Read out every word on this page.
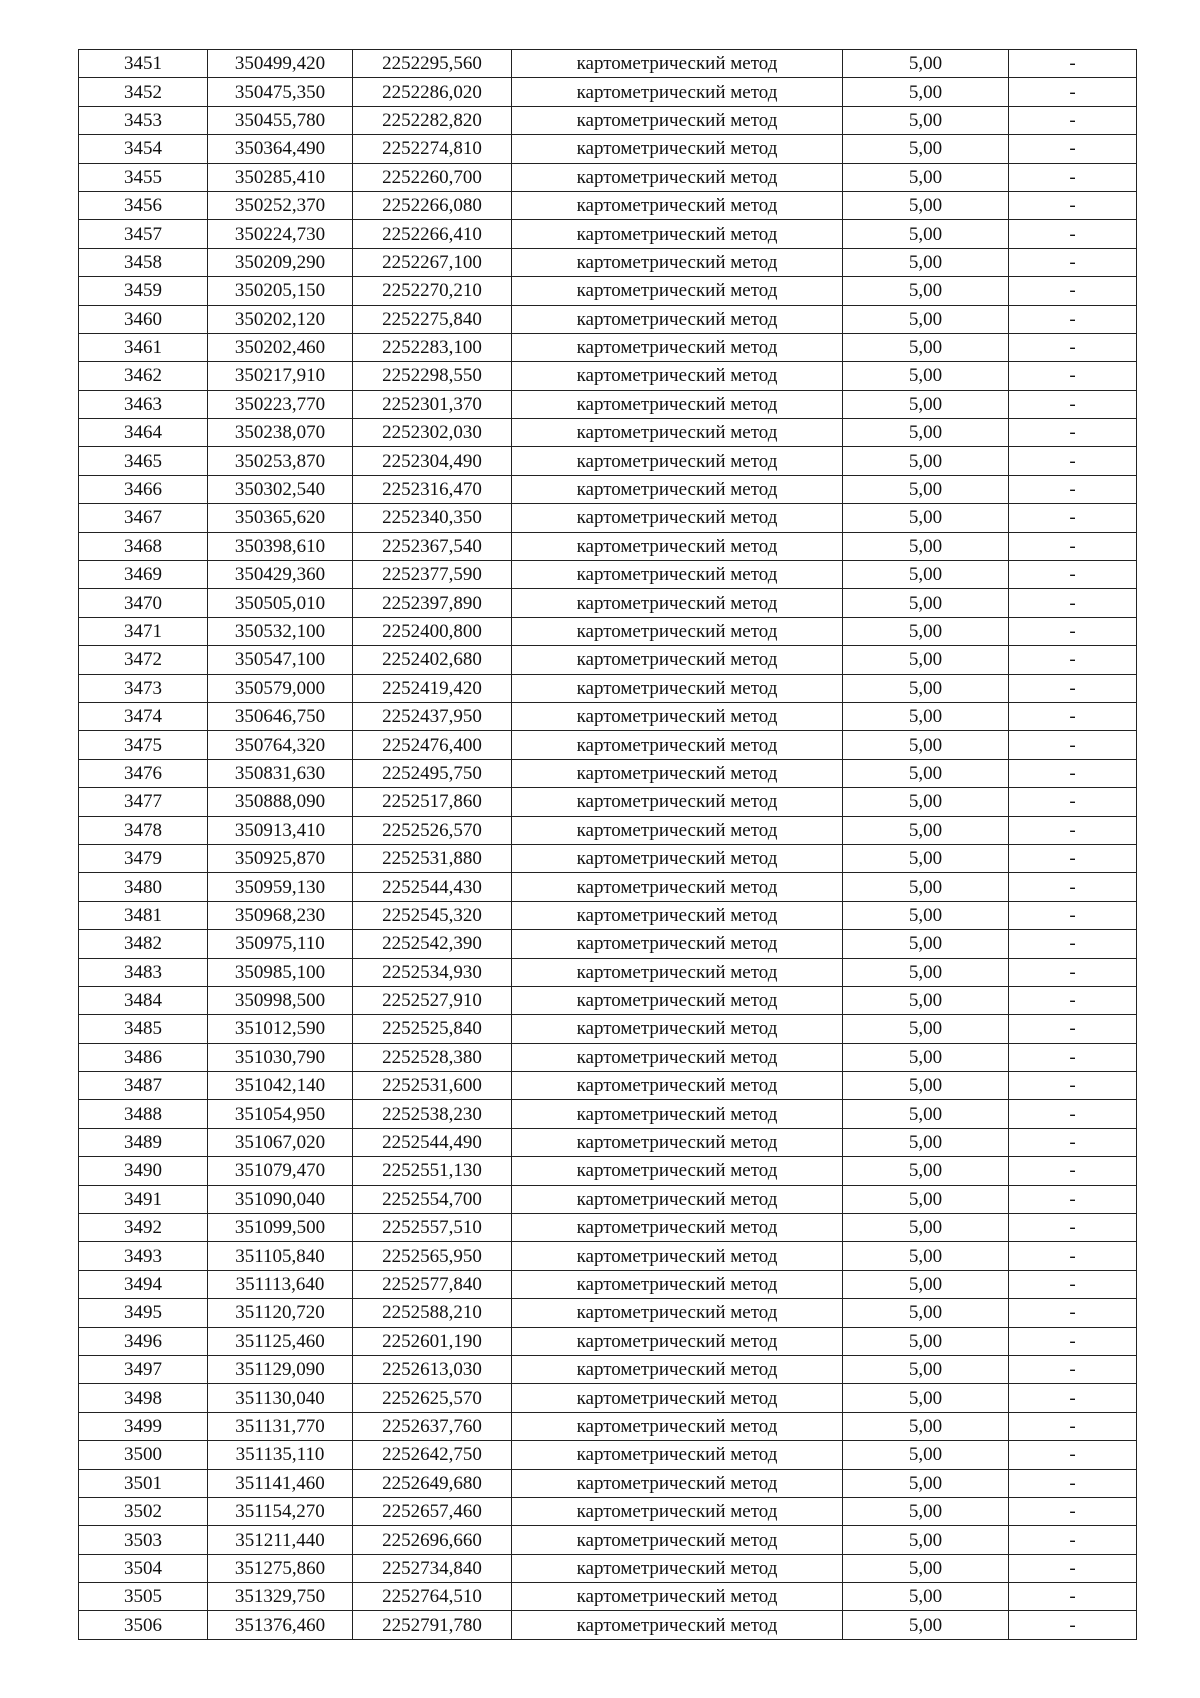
3451	350499,420	2252295,560	картометрический метод	5,00	-
3452	350475,350	2252286,020	картометрический метод	5,00	-
3453	350455,780	2252282,820	картометрический метод	5,00	-
3454	350364,490	2252274,810	картометрический метод	5,00	-
3455	350285,410	2252260,700	картометрический метод	5,00	-
3456	350252,370	2252266,080	картометрический метод	5,00	-
3457	350224,730	2252266,410	картометрический метод	5,00	-
3458	350209,290	2252267,100	картометрический метод	5,00	-
3459	350205,150	2252270,210	картометрический метод	5,00	-
3460	350202,120	2252275,840	картометрический метод	5,00	-
3461	350202,460	2252283,100	картометрический метод	5,00	-
3462	350217,910	2252298,550	картометрический метод	5,00	-
3463	350223,770	2252301,370	картометрический метод	5,00	-
3464	350238,070	2252302,030	картометрический метод	5,00	-
3465	350253,870	2252304,490	картометрический метод	5,00	-
3466	350302,540	2252316,470	картометрический метод	5,00	-
3467	350365,620	2252340,350	картометрический метод	5,00	-
3468	350398,610	2252367,540	картометрический метод	5,00	-
3469	350429,360	2252377,590	картометрический метод	5,00	-
3470	350505,010	2252397,890	картометрический метод	5,00	-
3471	350532,100	2252400,800	картометрический метод	5,00	-
3472	350547,100	2252402,680	картометрический метод	5,00	-
3473	350579,000	2252419,420	картометрический метод	5,00	-
3474	350646,750	2252437,950	картометрический метод	5,00	-
3475	350764,320	2252476,400	картометрический метод	5,00	-
3476	350831,630	2252495,750	картометрический метод	5,00	-
3477	350888,090	2252517,860	картометрический метод	5,00	-
3478	350913,410	2252526,570	картометрический метод	5,00	-
3479	350925,870	2252531,880	картометрический метод	5,00	-
3480	350959,130	2252544,430	картометрический метод	5,00	-
3481	350968,230	2252545,320	картометрический метод	5,00	-
3482	350975,110	2252542,390	картометрический метод	5,00	-
3483	350985,100	2252534,930	картометрический метод	5,00	-
3484	350998,500	2252527,910	картометрический метод	5,00	-
3485	351012,590	2252525,840	картометрический метод	5,00	-
3486	351030,790	2252528,380	картометрический метод	5,00	-
3487	351042,140	2252531,600	картометрический метод	5,00	-
3488	351054,950	2252538,230	картометрический метод	5,00	-
3489	351067,020	2252544,490	картометрический метод	5,00	-
3490	351079,470	2252551,130	картометрический метод	5,00	-
3491	351090,040	2252554,700	картометрический метод	5,00	-
3492	351099,500	2252557,510	картометрический метод	5,00	-
3493	351105,840	2252565,950	картометрический метод	5,00	-
3494	351113,640	2252577,840	картометрический метод	5,00	-
3495	351120,720	2252588,210	картометрический метод	5,00	-
3496	351125,460	2252601,190	картометрический метод	5,00	-
3497	351129,090	2252613,030	картометрический метод	5,00	-
3498	351130,040	2252625,570	картометрический метод	5,00	-
3499	351131,770	2252637,760	картометрический метод	5,00	-
3500	351135,110	2252642,750	картометрический метод	5,00	-
3501	351141,460	2252649,680	картометрический метод	5,00	-
3502	351154,270	2252657,460	картометрический метод	5,00	-
3503	351211,440	2252696,660	картометрический метод	5,00	-
3504	351275,860	2252734,840	картометрический метод	5,00	-
3505	351329,750	2252764,510	картометрический метод	5,00	-
3506	351376,460	2252791,780	картометрический метод	5,00	-
